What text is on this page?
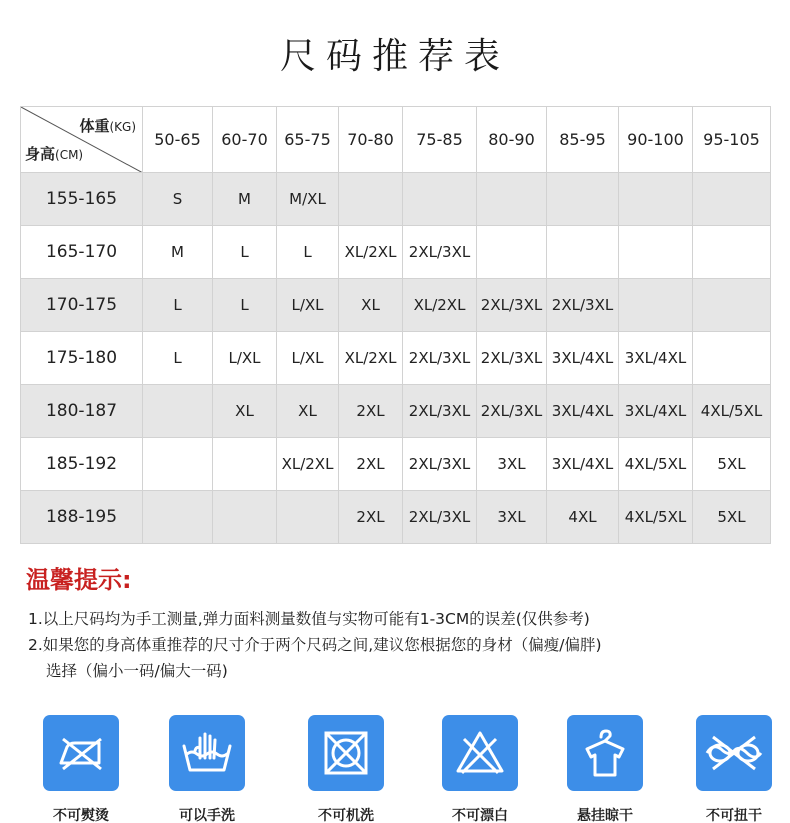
尺码推荐表
体重(KG)
身高(CM)	50-65	60-70	65-75	70-80	75-85	80-90	85-95	90-100	95-105
155-165	S	M	M/XL						
165-170	M	L	L	XL/2XL	2XL/3XL				
170-175	L	L	L/XL	XL	XL/2XL	2XL/3XL	2XL/3XL		
175-180	L	L/XL	L/XL	XL/2XL	2XL/3XL	2XL/3XL	3XL/4XL	3XL/4XL	
180-187		XL	XL	2XL	2XL/3XL	2XL/3XL	3XL/4XL	3XL/4XL	4XL/5XL
185-192			XL/2XL	2XL	2XL/3XL	3XL	3XL/4XL	4XL/5XL	5XL
188-195				2XL	2XL/3XL	3XL	4XL	4XL/5XL	5XL
温馨提示:
1.以上尺码均为手工测量,弹力面料测量数值与实物可能有1-3CM的误差(仅供参考)
2.如果您的身高体重推荐的尺寸介于两个尺码之间,建议您根据您的身材（偏瘦/偏胖)
选择（偏小一码/偏大一码)
不可熨烫	可以手洗	不可机洗	不可漂白	悬挂晾干	不可扭干
